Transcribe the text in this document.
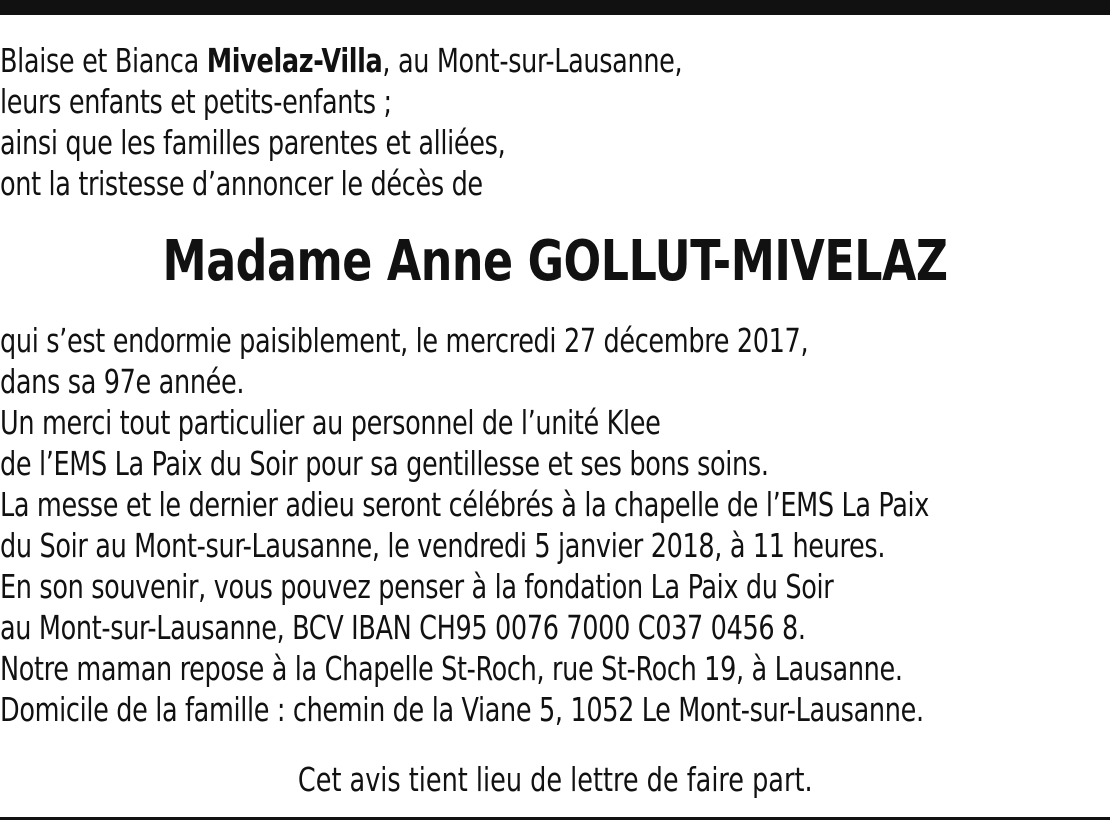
Blaise et Bianca Mivelaz-Villa, au Mont-sur-Lausanne,
leurs enfants et petits-enfants ;
ainsi que les familles parentes et alliées,
ont la tristesse d’annoncer le décès de
Madame Anne GOLLUT-MIVELAZ
qui s’est endormie paisiblement, le mercredi 27 décembre 2017,
dans sa 97e année.
Un merci tout particulier au personnel de l’unité Klee
de l’EMS La Paix du Soir pour sa gentillesse et ses bons soins.
La messe et le dernier adieu seront célébrés à la chapelle de l’EMS La Paix
du Soir au Mont-sur-Lausanne, le vendredi 5 janvier 2018, à 11 heures.
En son souvenir, vous pouvez penser à la fondation La Paix du Soir
au Mont-sur-Lausanne, BCV IBAN CH95 0076 7000 C037 0456 8.
Notre maman repose à la Chapelle St-Roch, rue St-Roch 19, à Lausanne.
Domicile de la famille : chemin de la Viane 5, 1052 Le Mont-sur-Lausanne.
Cet avis tient lieu de lettre de faire part.
